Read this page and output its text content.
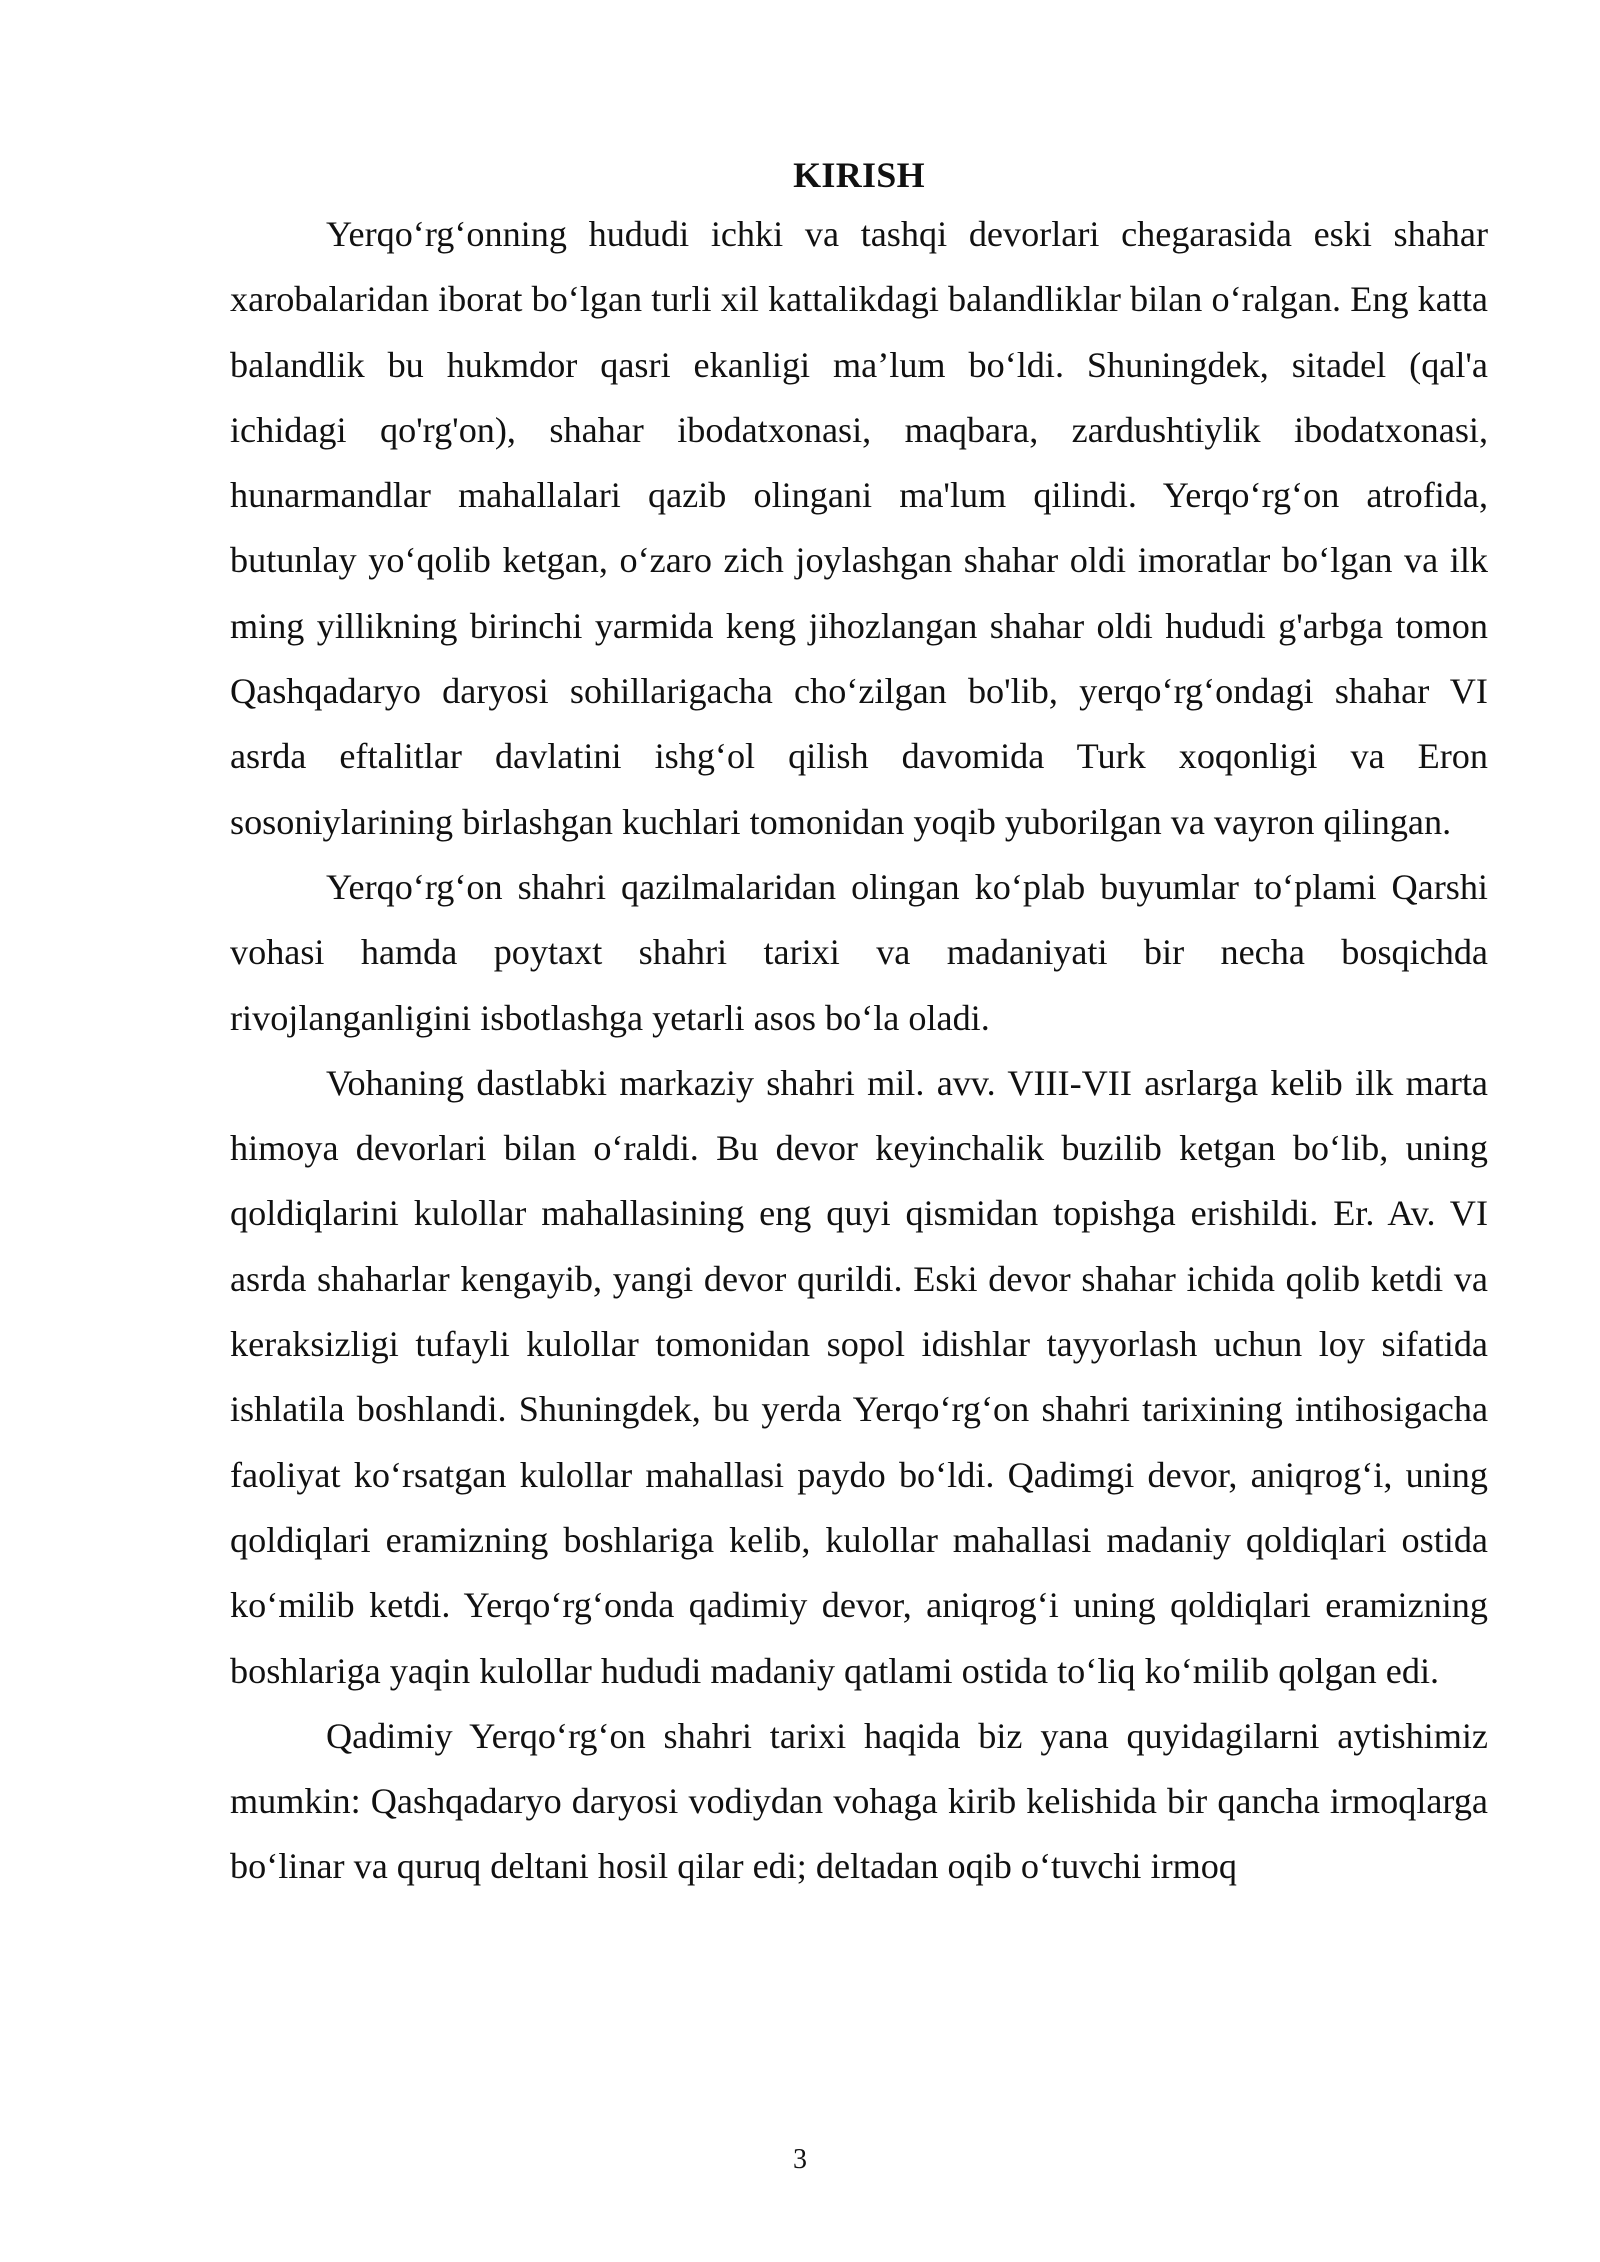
KIRISH

Yerqo‘rg‘onning hududi ichki va tashqi devorlari chegarasida eski shahar xarobalaridan iborat bo‘lgan turli xil kattalikdagi balandliklar bilan o‘ralgan. Eng katta balandlik bu hukmdor qasri ekanligi ma’lum bo‘ldi. Shuningdek, sitadel (qal'a ichidagi qo'rg'on), shahar ibodatxonasi, maqbara, zardushtiylik ibodatxonasi, hunarmandlar mahallalari qazib olingani ma'lum qilindi. Yerqo‘rg‘on atrofida, butunlay yo‘qolib ketgan, o‘zaro zich joylashgan shahar oldi imoratlar bo‘lgan va ilk ming yillikning birinchi yarmida keng jihozlangan shahar oldi hududi g'arbga tomon Qashqadaryo daryosi sohillarigacha cho‘zilgan bo'lib, yerqo‘rg‘ondagi shahar VI asrda eftalitlar davlatini ishg‘ol qilish davomida Turk xoqonligi va Eron sosoniylarining birlashgan kuchlari tomonidan yoqib yuborilgan va vayron qilingan.

Yerqo‘rg‘on shahri qazilmalaridan olingan ko‘plab buyumlar to‘plami Qarshi vohasi hamda poytaxt shahri tarixi va madaniyati bir necha bosqichda rivojlanganligini isbotlashga yetarli asos bo‘la oladi.

Vohaning dastlabki markaziy shahri mil. avv. VIII-VII asrlarga kelib ilk marta himoya devorlari bilan o‘raldi. Bu devor keyinchalik buzilib ketgan bo‘lib, uning qoldiqlarini kulollar mahallasining eng quyi qismidan topishga erishildi. Er. Av. VI asrda shaharlar kengayib, yangi devor qurildi. Eski devor shahar ichida qolib ketdi va keraksizligi tufayli kulollar tomonidan sopol idishlar tayyorlash uchun loy sifatida ishlatila boshlandi. Shuningdek, bu yerda Yerqo‘rg‘on shahri tarixining intihosigacha faoliyat ko‘rsatgan kulollar mahallasi paydo bo‘ldi. Qadimgi devor, aniqrog‘i, uning qoldiqlari eramizning boshlariga kelib, kulollar mahallasi madaniy qoldiqlari ostida ko‘milib ketdi. Yerqo‘rg‘onda qadimiy devor, aniqrog‘i uning qoldiqlari eramizning boshlariga yaqin kulollar hududi madaniy qatlami ostida to‘liq ko‘milib qolgan edi.

Qadimiy Yerqo‘rg‘on shahri tarixi haqida biz yana quyidagilarni aytishimiz mumkin: Qashqadaryo daryosi vodiydan vohaga kirib kelishida bir qancha irmoqlarga bo‘linar va quruq deltani hosil qilar edi; deltadan oqib o‘tuvchi irmoq

3
